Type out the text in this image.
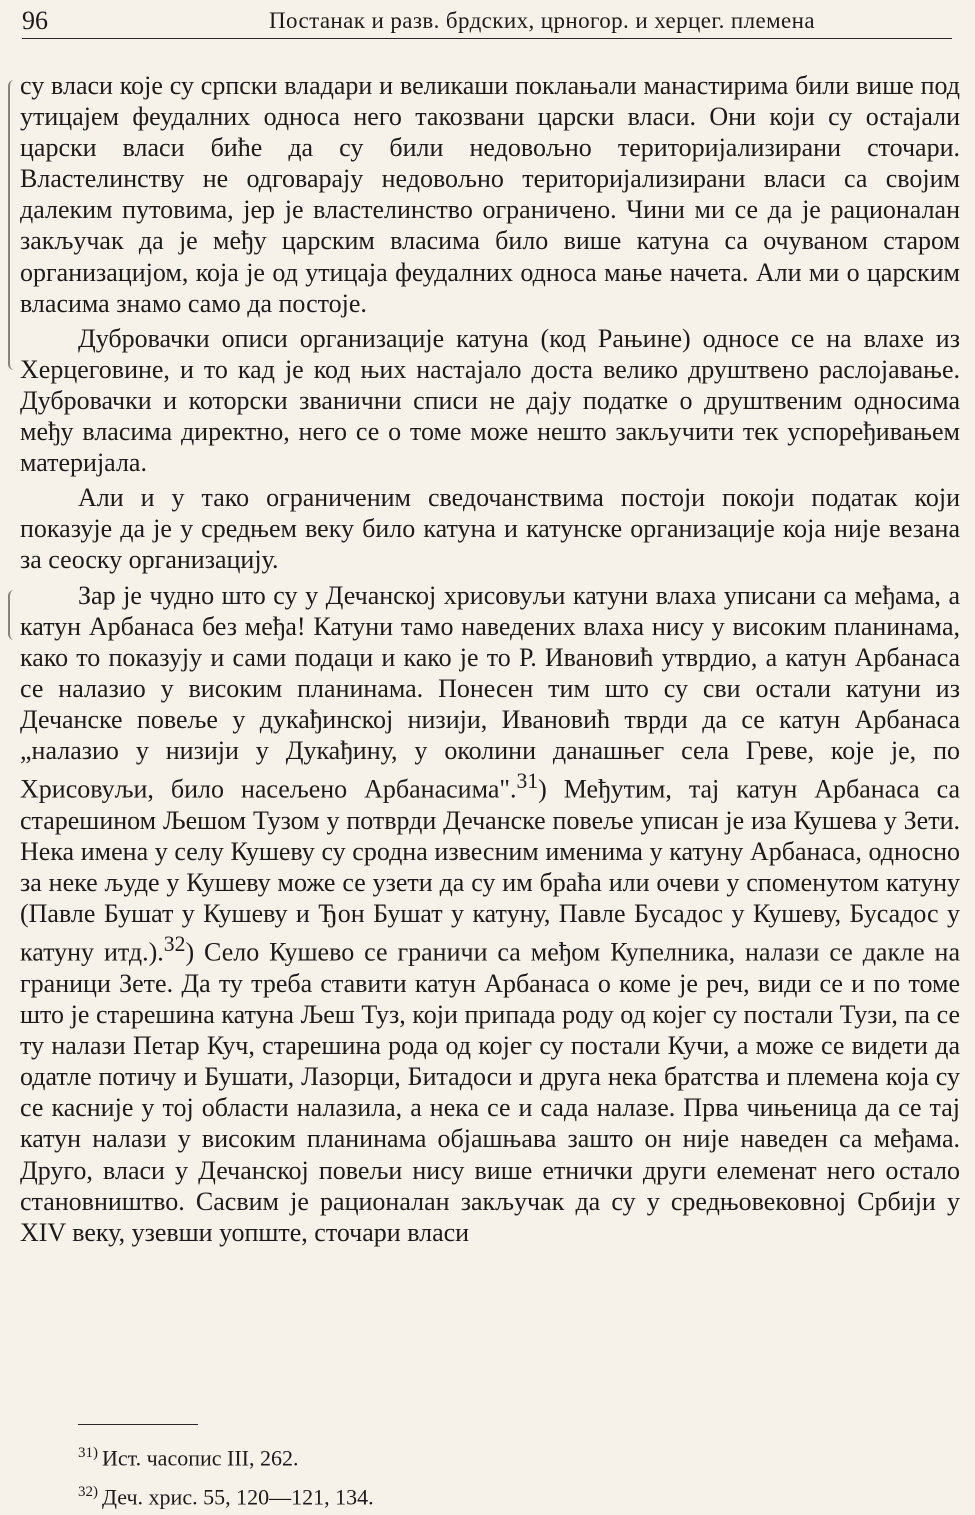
96	Постанак и разв. брдских, црногор. и херцег. племена

су власи које су српски владари и великаши поклањали манастирима били више под утицајем феудалних односа него такозвани царски власи. Они који су остајали царски власи биће да су били недовољно територијализирани сточари. Властелинству не одговарају недовољно територијализирани власи са својим далеким путовима, јер је властелинство ограничено. Чини ми се да је рационалан закључак да је међу царским власима било више катуна са очуваном старом организацијом, која је од утицаја феудалних односа мање начета. Али ми о царским власима знамо само да постоје.

Дубровачки описи организације катуна (код Рањине) односе се на влахе из Херцеговине, и то кад је код њих настајало доста велико друштвено раслојавање. Дубровачки и которски званични списи не дају податке о друштвеним односима међу власима директно, него се о томе може нешто закључити тек успоређивањем материјала.

Али и у тако ограниченим сведочанствима постоји покоји податак који показује да је у средњем веку било катуна и катунске организације која није везана за сеоску организацију.

Зар је чудно што су у Дечанској хрисовуљи катуни влаха уписани са међама, а катун Арбанаса без међа! Катуни тамо наведених влаха нису у високим планинама, како то показују и сами подаци и како је то Р. Ивановић утврдио, а катун Арбанаса се налазио у високим планинама. Понесен тим што су сви остали катуни из Дечанске повеље у дукађинској низији, Ивановић тврди да се катун Арбанаса „налазио у низији у Дукађину, у околини данашњег села Греве, које је, по Хрисовуљи, било насељено Арбанасима".$^{31}$) Међутим, тај катун Арбанаса са старешином Љешом Тузом у потврди Дечанске повеље уписан је иза Кушева у Зети. Нека имена у селу Кушеву су сродна извесним именима у катуну Арбанаса, односно за неке људе у Кушеву може се узети да су им браћа или очеви у споменутом катуну (Павле Бушат у Кушеву и Ђон Бушат у катуну, Павле Бусадос у Кушеву, Бусадос у катуну итд.).$^{32}$) Село Кушево се граничи са међом Купелника, налази се дакле на граници Зете. Да ту треба ставити катун Арбанаса о коме је реч, види се и по томе што је старешина катуна Љеш Туз, који припада роду од којег су постали Тузи, па се ту налази Петар Куч, старешина рода од којег су постали Кучи, а може се видети да одатле потичу и Бушати, Лазорци, Битадоси и друга нека братства и племена која су се касније у тој области налазила, а нека се и сада налазе. Прва чињеница да се тај катун налази у високим планинама објашњава зашто он није наведен са међама. Друго, власи у Дечанској повељи нису више етнички други елеменат него остало становништво. Сасвим је рационалан закључак да су у средњовековној Србији у XIV веку, узевши уопште, сточари власи

$^{31)}$ Ист. часопис III, 262.
$^{32)}$ Деч. хрис. 55, 120—121, 134.
